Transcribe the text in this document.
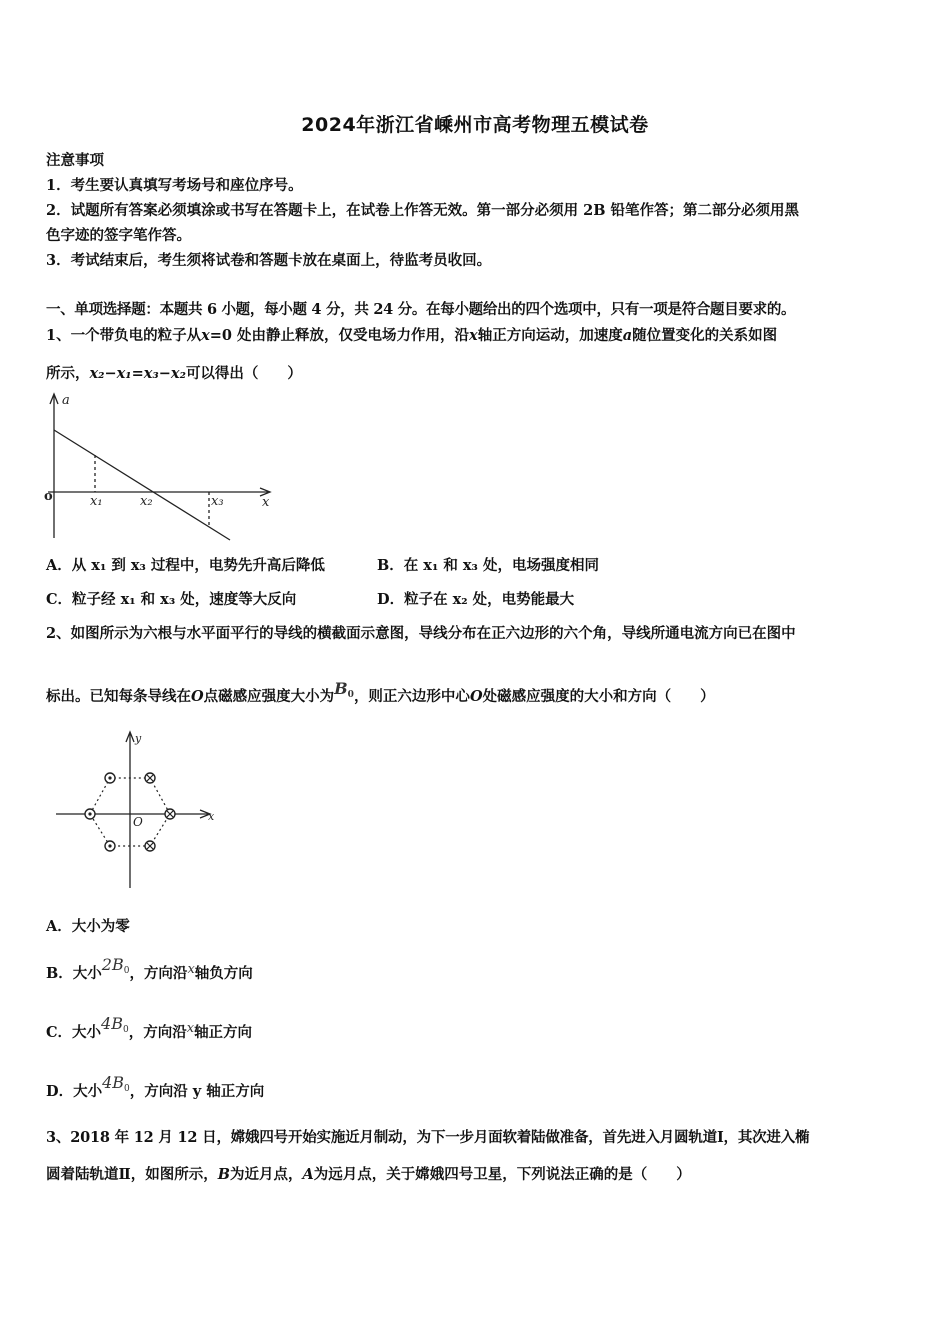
2024年浙江省嵊州市高考物理五模试卷
注意事项
1．考生要认真填写考场号和座位序号。
2．试题所有答案必须填涂或书写在答题卡上，在试卷上作答无效。第一部分必须用 2B 铅笔作答；第二部分必须用黑
色字迹的签字笔作答。
3．考试结束后，考生须将试卷和答题卡放在桌面上，待监考员收回。
一、单项选择题：本题共 6 小题，每小题 4 分，共 24 分。在每小题给出的四个选项中，只有一项是符合题目要求的。
1、一个带负电的粒子从x=0 处由静止释放，仅受电场力作用，沿x轴正方向运动，加速度a随位置变化的关系如图
所示，x₂−x₁=x₃−x₂可以得出（　　）
a
x
o	x₁	x₂	x₃
A．从 x₁ 到 x₃ 过程中，电势先升高后降低	B．在 x₁ 和 x₃ 处，电场强度相同
C．粒子经 x₁ 和 x₃ 处，速度等大反向	D．粒子在 x₂ 处，电势能最大
2、如图所示为六根与水平面平行的导线的横截面示意图，导线分布在正六边形的六个角，导线所通电流方向已在图中
标出。已知每条导线在O点磁感应强度大小为$B_0$，则正六边形中心O处磁感应强度的大小和方向（　　）
y
x
O
A．大小为零
B．大小$2B_0$，方向沿x轴负方向
C．大小$4B_0$，方向沿x轴正方向
D．大小$4B_0$，方向沿 y 轴正方向
3、2018 年 12 月 12 日，嫦娥四号开始实施近月制动，为下一步月面软着陆做准备，首先进入月圆轨道Ⅰ，其次进入椭
圆着陆轨道Ⅱ，如图所示，B为近月点，A为远月点，关于嫦娥四号卫星，下列说法正确的是（　　）
